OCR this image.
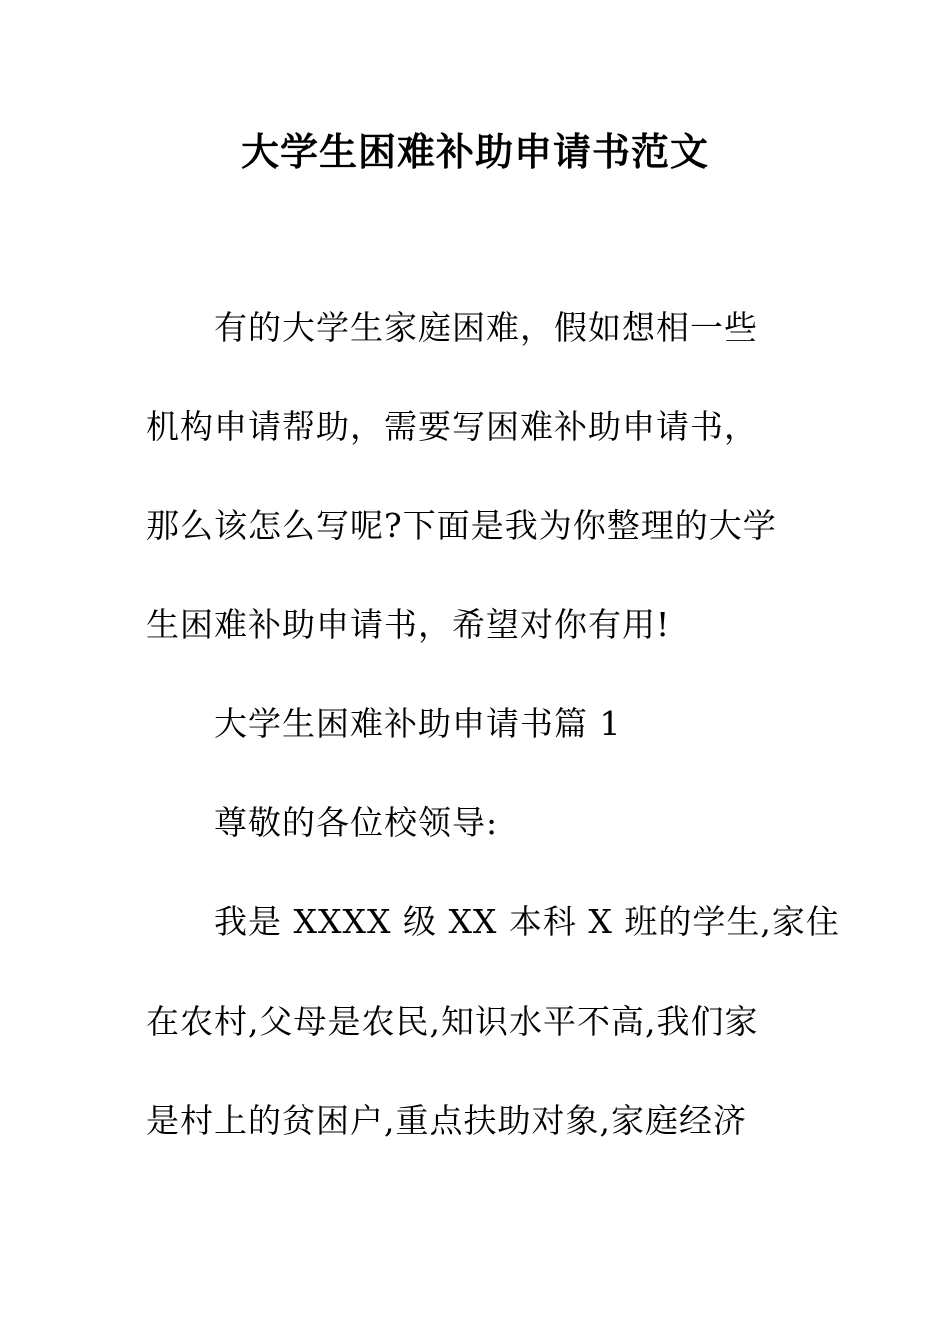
大学生困难补助申请书范文
有的大学生家庭困难，假如想相一些
机构申请帮助，需要写困难补助申请书，
那么该怎么写呢?下面是我为你整理的大学
生困难补助申请书，希望对你有用!
大学生困难补助申请书篇 1
尊敬的各位校领导:
我是 XXXX 级 XX 本科 X 班的学生,家住
在农村,父母是农民,知识水平不高,我们家
是村上的贫困户,重点扶助对象,家庭经济
